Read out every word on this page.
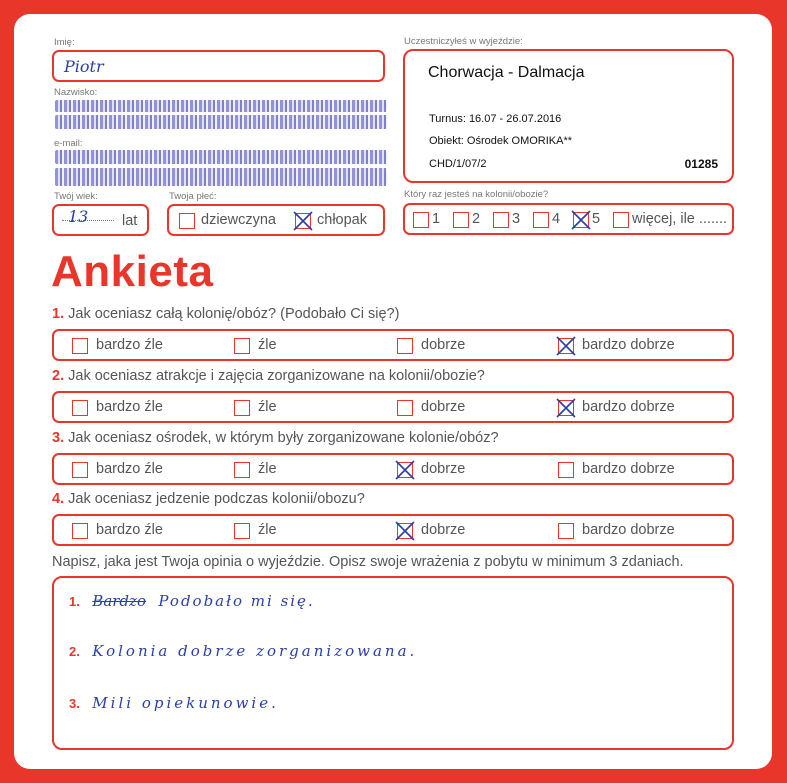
Imię:
Piotr
Nazwisko:
e-mail:
Twój wiek:
13 lat
Twoja płeć:
dziewczyna	chłopak
Uczestniczyłeś w wyjeździe:
Chorwacja - Dalmacja
Turnus: 16.07 - 26.07.2016
Obiekt: Ośrodek OMORIKA**
CHD/1/07/2	01285
Który raz jesteś na kolonii/obozie?
1 2 3 4 5 więcej, ile .......
Ankieta
1. Jak oceniasz całą kolonię/obóz? (Podobało Ci się?)
bardzo źle	źle	dobrze	bardzo dobrze
2. Jak oceniasz atrakcje i zajęcia zorganizowane na kolonii/obozie?
bardzo źle	źle	dobrze	bardzo dobrze
3. Jak oceniasz ośrodek, w którym były zorganizowane kolonie/obóz?
bardzo źle	źle	dobrze	bardzo dobrze
4. Jak oceniasz jedzenie podczas kolonii/obozu?
bardzo źle	źle	dobrze	bardzo dobrze
Napisz, jaka jest Twoja opinia o wyjeździe. Opisz swoje wrażenia z pobytu w minimum 3 zdaniach.
1. Bardzo Podobało mi się.
2. Kolonia dobrze zorganizowana.
3. Mili opiekunowie.
